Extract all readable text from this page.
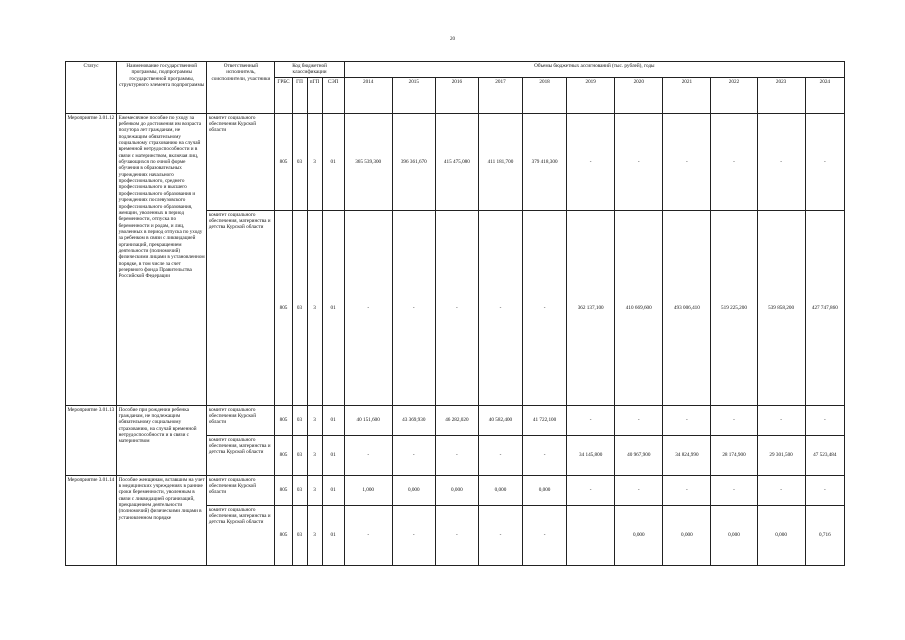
20
Статус	Наименование государственной программы, подпрограммы государственной программы, структурного элемента подпрограммы	Ответственный исполнитель, соисполнители, участники	Код бюджетной классификации				Объемы бюджетных ассигнований (тыс. рублей), годы										
			ГРБС	ГП	пГП	СЭП	2014	2015	2016	2017	2018	2019	2020	2021	2022	2023	2024
Мероприятие 3.01.12	Ежемесячное пособие по уходу за ребенком до достижения им возраста полутора лет гражданам, не подлежащим обязательному социальному страхованию на случай временной нетрудоспособности и в связи с материнством, включая лиц, обучающихся по очной форме обучения в образовательных учреждениях начального профессионального, среднего профессионального и высшего профессионального образования и учреждениях послевузовского профессионального образования, женщин, уволенных в период беременности, отпуска по беременности и родам, и лиц, уволенных в период отпуска по уходу за ребенком в связи с ликвидацией организаций, прекращением деятельности (полномочий) физическими лицами в установленном порядке, в том числе за счет резервного фонда Правительства Российской Федерации	комитет социального обеспечения Курской области	805	03	3	01	365 539,300	396 361,670	415 475,080	411 181,700	379 418,300	-	-	-	-	-	-
		комитет социального обеспечения, материнства и детства Курской области	805	03	3	01	-	-	-	-	-	362 137,100	410 669,600	493 006,410	519 225,200	539 858,200	427 747,860
Мероприятие 3.01.13	Пособие при рождении ребенка гражданам, не подлежащим обязательному социальному страхованию, на случай временной нетрудоспособности и в связи с материнством	комитет социального обеспечения Курской области	805	03	3	01	40 151,600	43 369,930	46 282,020	40 582,400	41 722,100	-	-	-	-	-	-
		комитет социального обеспечения, материнства и детства Курской области	805	03	3	01	-	-	-	-	-	34 145,800	40 967,900	34 824,990	28 174,900	29 301,500	47 523,484
Мероприятие 3.01.14	Пособие женщинам, вставшим на учет в медицинских учреждениях в ранние сроки беременности, уволенным в связи с ликвидацией организаций, прекращением деятельности (полномочий) физическими лицами в установленном порядке	комитет социального обеспечения Курской области	805	03	3	01	1,000	0,000	0,000	0,000	0,000	-	-	-	-	-	-
		комитет социального обеспечения, материнства и детства Курской области	805	03	3	01	-	-	-	-	-		0,000	0,000	0,000	0,000	0,716
